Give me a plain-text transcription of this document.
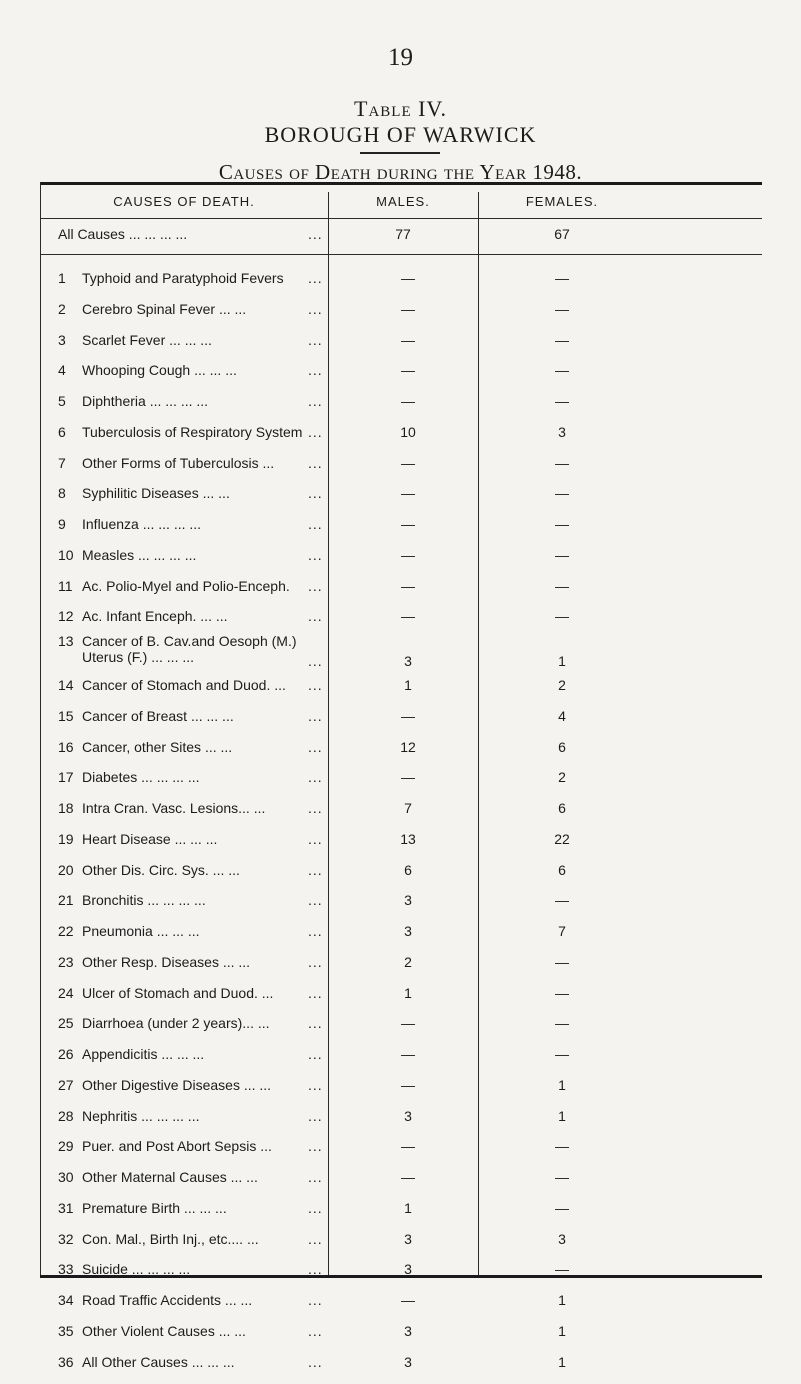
19
Table IV.
BOROUGH OF WARWICK
Causes of Death during the Year 1948.
CAUSES OF DEATH.	MALES.	FEMALES.
All Causes ... ... ... ...	...	77	67
1	Typhoid and Paratyphoid Fevers	...	—	—
2	Cerebro Spinal Fever ... ...	...	—	—
3	Scarlet Fever ... ... ...	...	—	—
4	Whooping Cough ... ... ...	...	—	—
5	Diphtheria ... ... ... ...	...	—	—
6	Tuberculosis of Respiratory System ...	10	3
7	Other Forms of Tuberculosis ...	...	—	—
8	Syphilitic Diseases ... ...	...	—	—
9	Influenza ... ... ... ...	...	—	—
10 Measles ... ... ... ...	...	—	—
11 Ac. Polio-Myel and Polio-Enceph.	...	—	—
12 Ac. Infant Enceph. ... ...	...	—	—
13 Cancer of B. Cav.and Oesoph (M.) Uterus (F.) ... ... ...	...	3	1
14 Cancer of Stomach and Duod. ...	...	1	2
15 Cancer of Breast ... ... ...	...	—	4
16 Cancer, other Sites ... ...	...	12	6
17 Diabetes ... ... ... ...	...	—	2
18 Intra Cran. Vasc. Lesions... ...	...	7	6
19 Heart Disease ... ... ...	...	13	22
20 Other Dis. Circ. Sys. ... ...	...	6	6
21 Bronchitis ... ... ... ...	...	3	—
22 Pneumonia ... ... ...	...	3	7
23 Other Resp. Diseases ... ...	...	2	—
24 Ulcer of Stomach and Duod. ...	...	1	—
25 Diarrhoea (under 2 years)... ...	...	—	—
26 Appendicitis ... ... ...	...	—	—
27 Other Digestive Diseases ... ...	...	—	1
28 Nephritis ... ... ... ...	...	3	1
29 Puer. and Post Abort Sepsis ...	...	—	—
30 Other Maternal Causes ... ...	...	—	—
31 Premature Birth ... ... ...	...	1	—
32 Con. Mal., Birth Inj., etc.... ...	...	3	3
33 Suicide ... ... ... ...	...	3	—
34 Road Traffic Accidents ... ...	...	—	1
35 Other Violent Causes ... ...	...	3	1
36 All Other Causes ... ... ...	...	3	1
